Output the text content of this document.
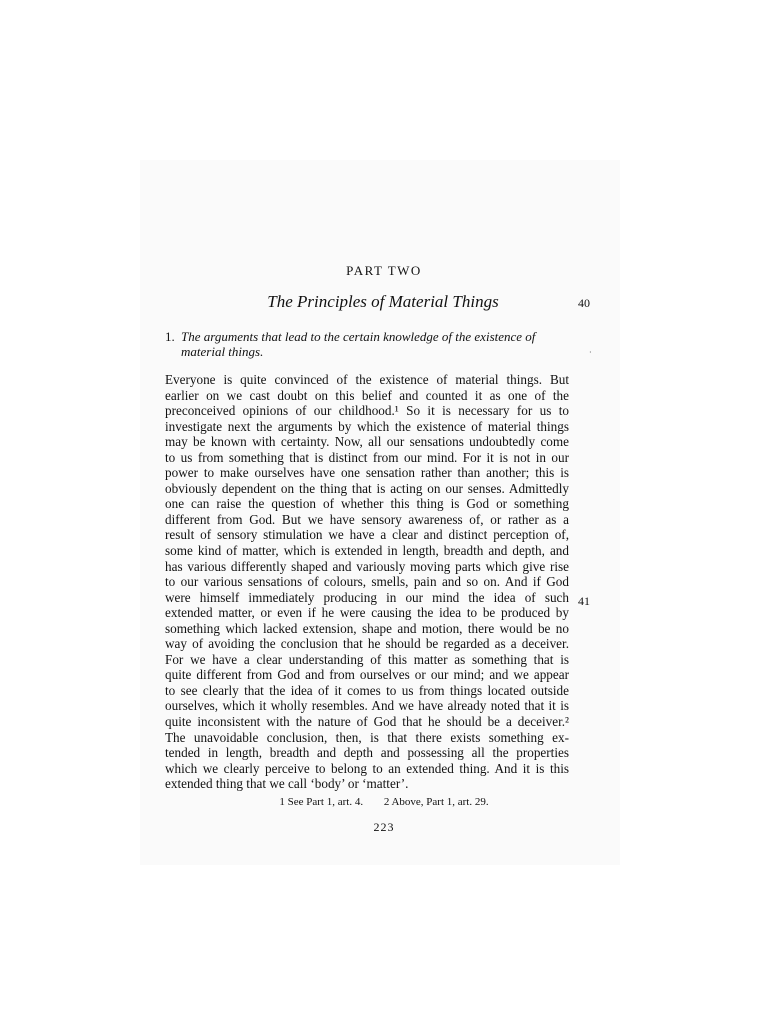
PART TWO
The Principles of Material Things	40
·
1. The arguments that lead to the certain knowledge of the existence of
material things.
Everyone is quite convinced of the existence of material things. But
earlier on we cast doubt on this belief and counted it as one of the
preconceived opinions of our childhood.¹ So it is necessary for us to
investigate next the arguments by which the existence of material things
may be known with certainty. Now, all our sensations undoubtedly come
to us from something that is distinct from our mind. For it is not in our
power to make ourselves have one sensation rather than another; this is
obviously dependent on the thing that is acting on our senses. Admittedly
one can raise the question of whether this thing is God or something
different from God. But we have sensory awareness of, or rather as a
result of sensory stimulation we have a clear and distinct perception of,
some kind of matter, which is extended in length, breadth and depth, and
has various differently shaped and variously moving parts which give rise
to our various sensations of colours, smells, pain and so on. And if God
were himself immediately producing in our mind the idea of such
extended matter, or even if he were causing the idea to be produced by
something which lacked extension, shape and motion, there would be no
way of avoiding the conclusion that he should be regarded as a deceiver.
For we have a clear understanding of this matter as something that is
quite different from God and from ourselves or our mind; and we appear
to see clearly that the idea of it comes to us from things located outside
ourselves, which it wholly resembles. And we have already noted that it is
quite inconsistent with the nature of God that he should be a deceiver.²
The unavoidable conclusion, then, is that there exists something ex-
tended in length, breadth and depth and possessing all the properties
which we clearly perceive to belong to an extended thing. And it is this
extended thing that we call ‘body’ or ‘matter’.
41
1 See Part 1, art. 4. 2 Above, Part 1, art. 29.
223
